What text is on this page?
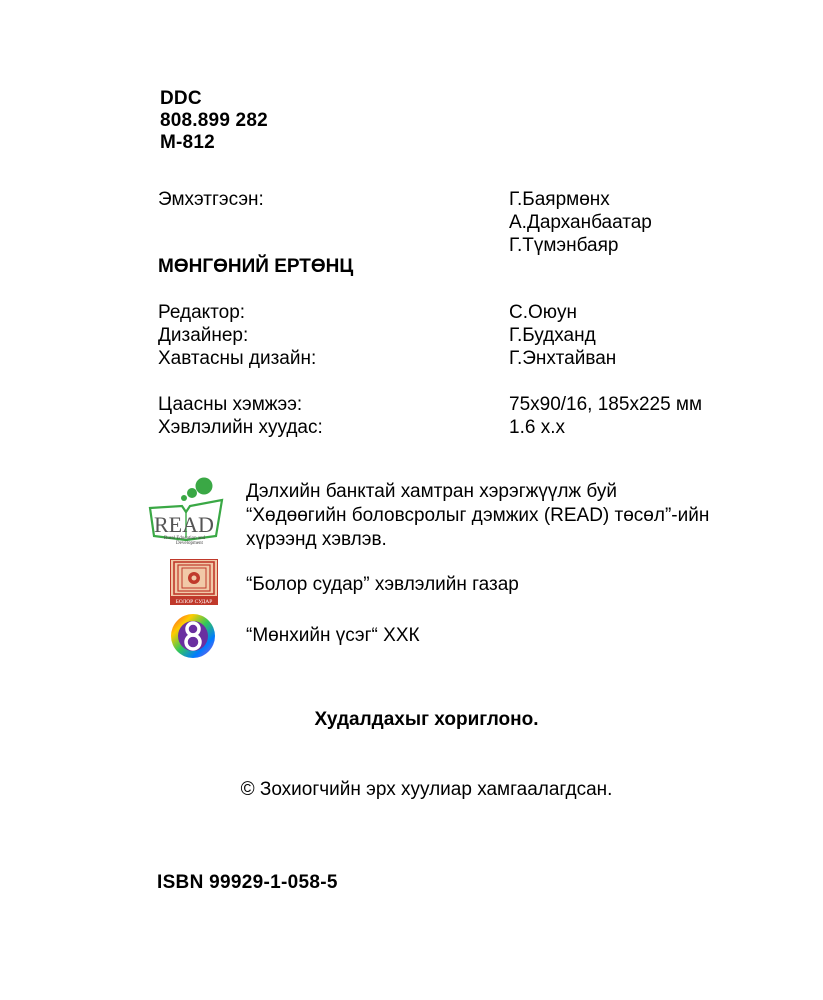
DDC
808.899 282
M-812
Эмхэтгэсэн:	Г.Баярмөнх
А.Дарханбаатар
Г.Түмэнбаяр
МӨНГӨНИЙ ЕРТӨНЦ
Редактор:	С.Оюун
Дизайнер:	Г.Будханд
Хавтасны дизайн:	Г.Энхтайван
Цаасны хэмжээ:	75x90/16, 185x225 мм
Хэвлэлийн хуудас:	1.6 х.х
READ
Rural Education and
Development
Дэлхийн банктай хамтран хэрэгжүүлж буй
“Хөдөөгийн боловсролыг дэмжих (READ) төсөл”-ийн
хүрээнд хэвлэв.
БОЛОР СУДАР
“Болор судар” хэвлэлийн газар
“Мөнхийн үсэг“ ХХК
Худалдахыг хориглоно.
© Зохиогчийн эрх хуулиар хамгаалагдсан.
ISBN 99929-1-058-5
